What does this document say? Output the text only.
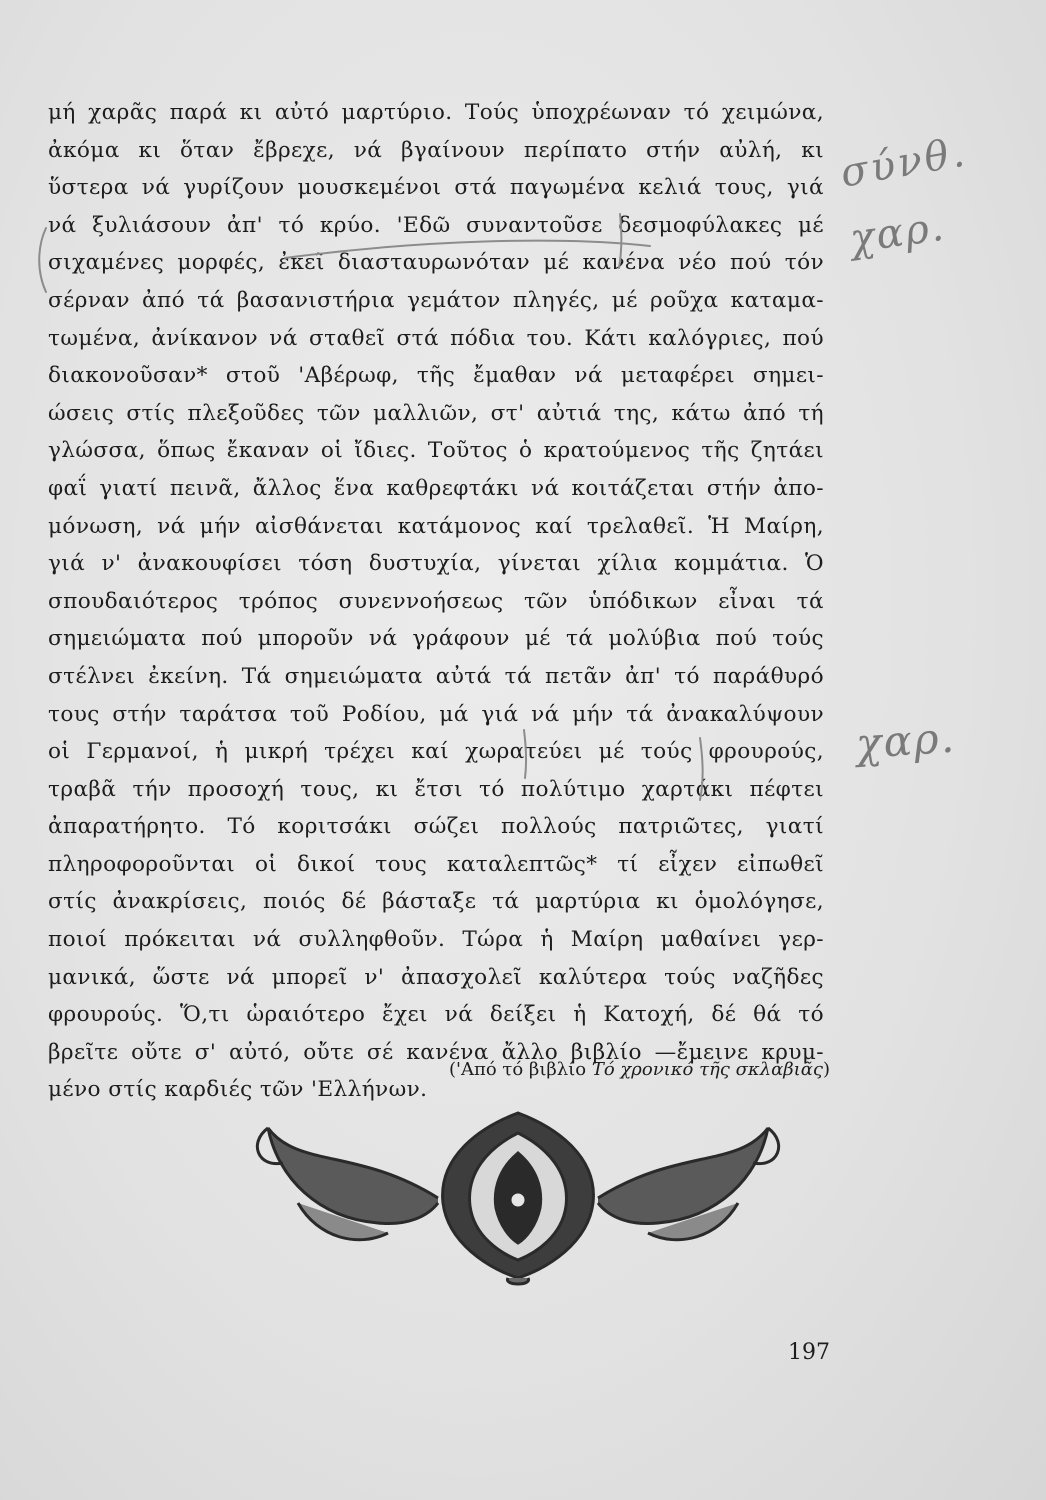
μή χαρᾶς παρά κι αὐτό μαρτύριο. Τούς ὑποχρέωναν τό χειμώνα,
ἀκόμα κι ὅταν ἔβρεχε, νά βγαίνουν περίπατο στήν αὐλή, κι
ὕστερα νά γυρίζουν μουσκεμένοι στά παγωμένα κελιά τους, γιά
νά ξυλιάσουν ἀπ' τό κρύο. 'Εδῶ συναντοῦσε δεσμοφύλακες μέ
σιχαμένες μορφές, ἐκεῖ διασταυρωνόταν μέ κανένα νέο πού τόν
σέρναν ἀπό τά βασανιστήρια γεμάτον πληγές, μέ ροῦχα καταμα-
τωμένα, ἀνίκανον νά σταθεῖ στά πόδια του. Κάτι καλόγριες, πού
διακονοῦσαν* στοῦ 'Αβέρωφ, τῆς ἔμαθαν νά μεταφέρει σημει-
ώσεις στίς πλεξοῦδες τῶν μαλλιῶν, στ' αὐτιά της, κάτω ἀπό τή
γλώσσα, ὅπως ἔκαναν οἱ ἴδιες. Τοῦτος ὁ κρατούμενος τῆς ζητάει
φαΐ γιατί πεινᾶ, ἄλλος ἕνα καθρεφτάκι νά κοιτάζεται στήν ἀπο-
μόνωση, νά μήν αἰσθάνεται κατάμονος καί τρελαθεῖ. Ἡ Μαίρη,
γιά ν' ἀνακουφίσει τόση δυστυχία, γίνεται χίλια κομμάτια. Ὁ
σπουδαιότερος τρόπος συνεννοήσεως τῶν ὑπόδικων εἶναι τά
σημειώματα πού μποροῦν νά γράφουν μέ τά μολύβια πού τούς
στέλνει ἐκείνη. Τά σημειώματα αὐτά τά πετᾶν ἀπ' τό παράθυρό
τους στήν ταράτσα τοῦ Ροδίου, μά γιά νά μήν τά ἀνακαλύψουν
οἱ Γερμανοί, ἡ μικρή τρέχει καί χωρατεύει μέ τούς φρουρούς,
τραβᾶ τήν προσοχή τους, κι ἔτσι τό πολύτιμο χαρτάκι πέφτει
ἀπαρατήρητο. Τό κοριτσάκι σώζει πολλούς πατριῶτες, γιατί
πληροφοροῦνται οἱ δικοί τους καταλεπτῶς* τί εἶχεν εἰπωθεῖ
στίς ἀνακρίσεις, ποιός δέ βάσταξε τά μαρτύρια κι ὁμολόγησε,
ποιοί πρόκειται νά συλληφθοῦν. Τώρα ἡ Μαίρη μαθαίνει γερ-
μανικά, ὥστε νά μπορεῖ ν' ἀπασχολεῖ καλύτερα τούς ναζῆδες
φρουρούς. Ὅ,τι ὡραιότερο ἔχει νά δείξει ἡ Κατοχή, δέ θά τό
βρεῖτε οὔτε σ' αὐτό, οὔτε σέ κανένα ἄλλο βιβλίο —ἔμεινε κρυμ-
μένο στίς καρδιές τῶν 'Ελλήνων.
('Από τό βιβλίο Τό χρονικό τῆς σκλαβιᾶς)
197
σύνθ.
χαρ.
χαρ.
